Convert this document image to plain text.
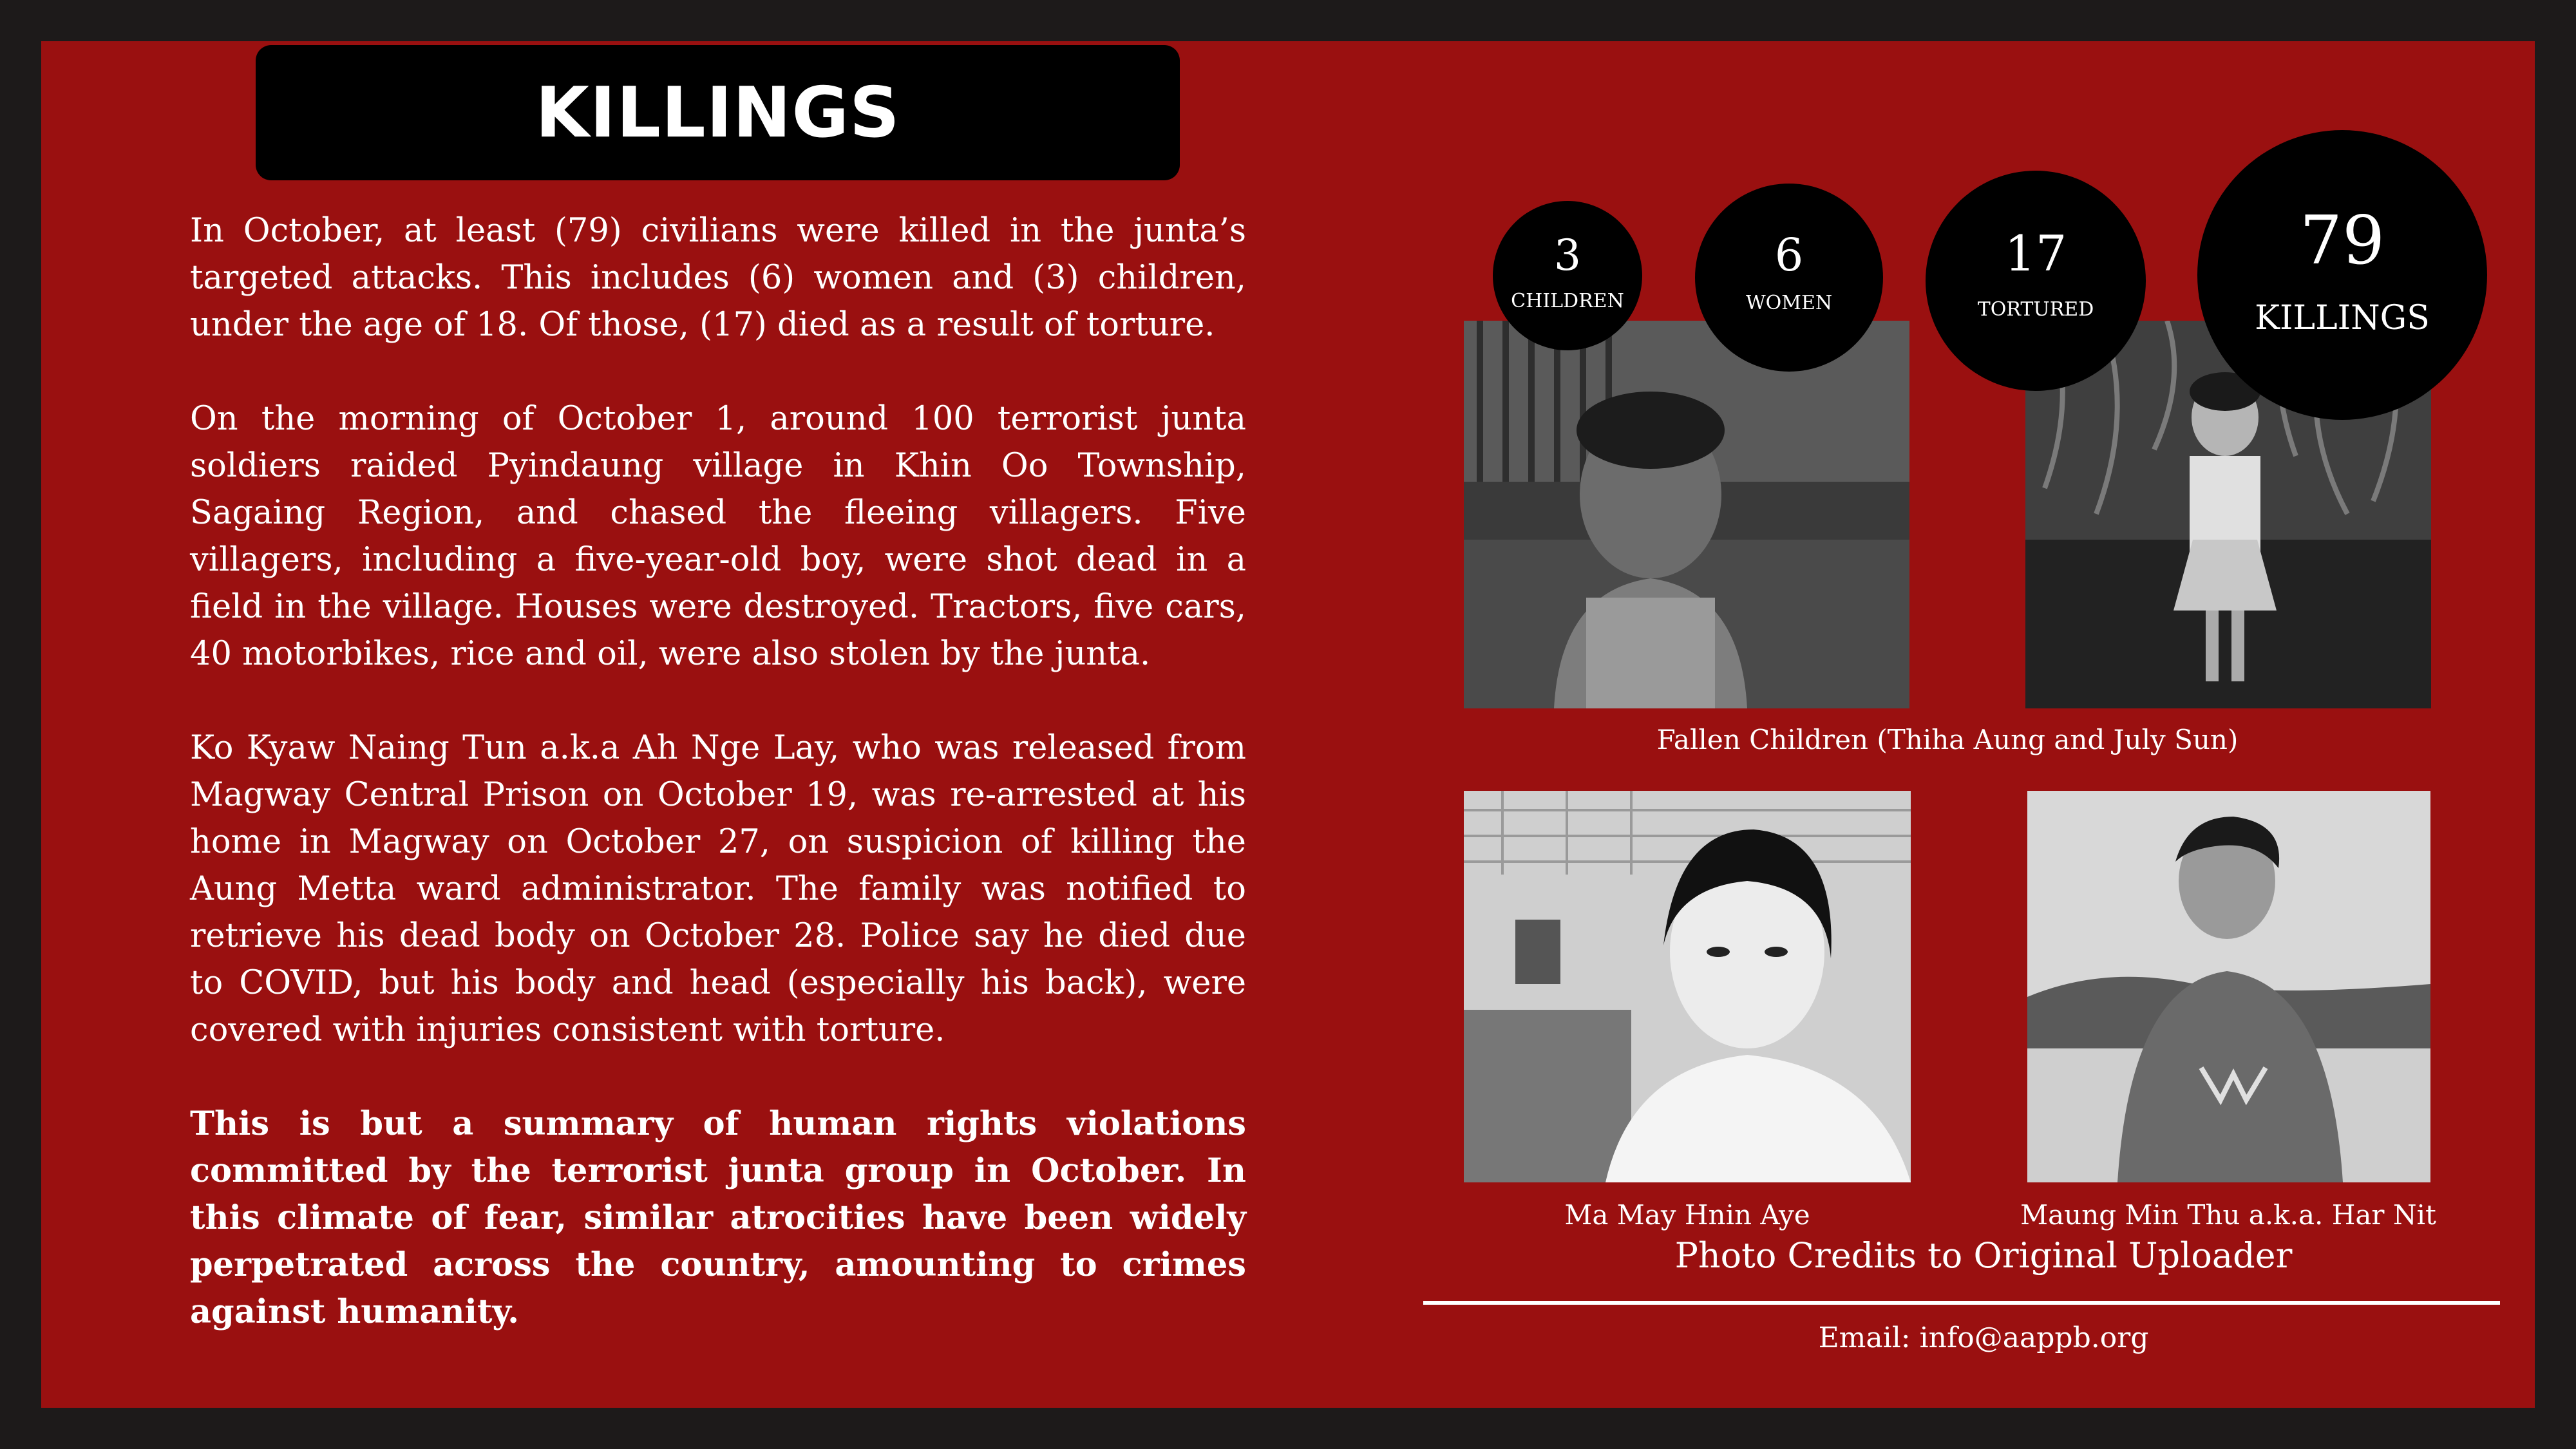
KILLINGS

In October, at least (79) civilians were killed in the junta’s targeted attacks. This includes (6) women and (3) children, under the age of 18. Of those, (17) died as a result of torture.

On the morning of October 1, around 100 terrorist junta soldiers raided Pyindaung village in Khin Oo Township, Sagaing Region, and chased the fleeing villagers. Five villagers, including a five-year-old boy, were shot dead in a field in the village. Houses were destroyed. Tractors, five cars, 40 motorbikes, rice and oil, were also stolen by the junta.

Ko Kyaw Naing Tun a.k.a Ah Nge Lay, who was released from Magway Central Prison on October 19, was re-arrested at his home in Magway on October 27, on suspicion of killing the Aung Metta ward administrator. The family was notified to retrieve his dead body on October 28. Police say he died due to COVID, but his body and head (especially his back), were covered with injuries consistent with torture.

This is but a summary of human rights violations committed by the terrorist junta group in October. In this climate of fear, similar atrocities have been widely perpetrated across the country, amounting to crimes against humanity.

Fallen Children (Thiha Aung and July Sun)
Ma May Hnin Aye	Maung Min Thu a.k.a. Har Nit
Photo Credits to Original Uploader
Email: info@aappb.org
3
CHILDREN
6
WOMEN
17
TORTURED
79
KILLINGS
